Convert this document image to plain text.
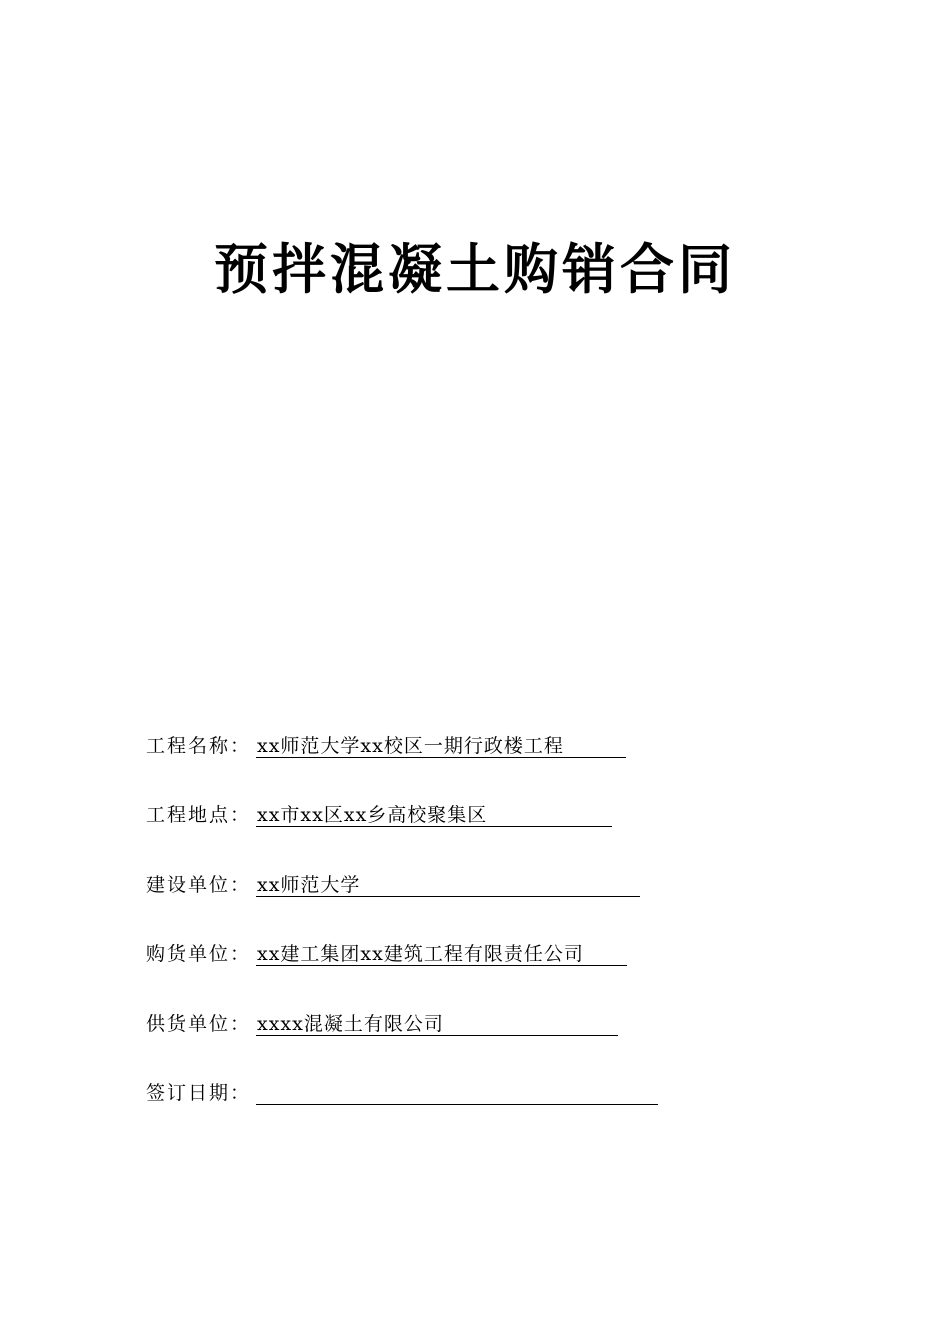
预拌混凝土购销合同
工程名称： xx师范大学xx校区一期行政楼工程
工程地点： xx市xx区xx乡高校聚集区
建设单位： xx师范大学
购货单位： xx建工集团xx建筑工程有限责任公司
供货单位： xxxx混凝土有限公司
签订日期：
